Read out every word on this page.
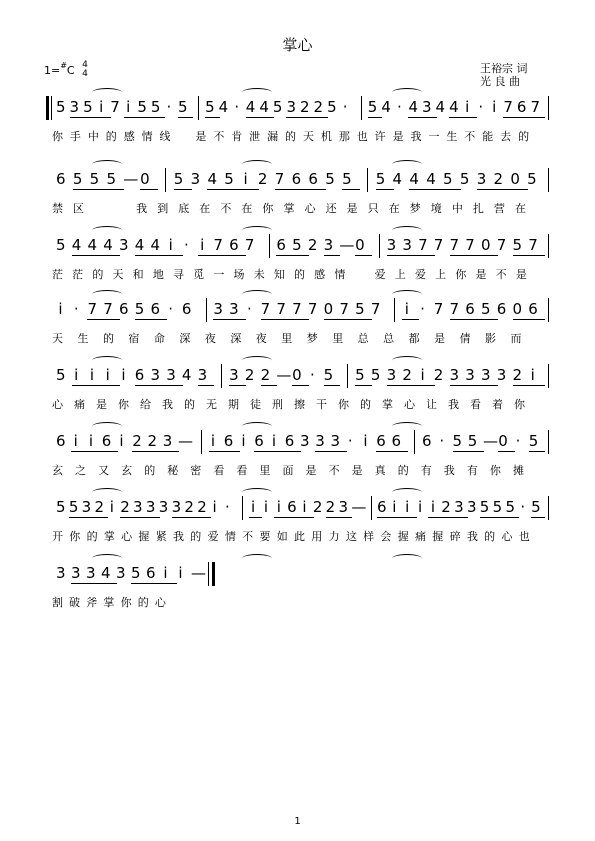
掌心
1=#C 4
4	王裕宗 词
光 良 曲
5 3 5 i 7 i 5 5 · 5 5 4 · 4 4 5 3 2 2 5 · 5 4 · 4 3 4 4 i · i 7 6 7
你 手 中 的 感 情 线 是 不 肯 泄 漏 的 天 机 那 也 许 是 我 一 生 不 能 去 的
6 5 5 5 — 0 5 3 4 5 i 2 7 6 6 5 5 5 4 4 4 5 5 3 2 0 5
禁 区	我 到 底 在 不 在 你 掌 心 还 是 只 在 梦 境 中 扎 营 在
5 4 4 4 3 4 4 i · i 7 6 7 6 5 2 3 — 0 3 3 7 7 7 7 0 7 5 7
茫 茫 的 天 和 地 寻 觅 一 场 未 知 的 感 情	爱 上 爱 上 你 是 不 是
i · 7 7 6 5 6 · 6 3 3 · 7 7 7 7 0 7 5 7 i · 7 7 6 5 6 0 6
天 生 的 宿 命 深 夜 深 夜 里 梦 里 总 总 都 是 倩 影 而
5 i i i i 6 3 3 4 3 3 2 2 — 0 · 5 5 5 3 2 i 2 3 3 3 3 2 i
心 痛 是 你 给 我 的 无 期 徒 刑 擦 干 你 的 掌 心 让 我 看 着 你
6 i i 6 i 2 2 3 — i 6 i 6 i 6 3 3 3 · i 6 6 6 · 5 5 — 0 · 5
玄 之 又 玄 的 秘 密 看 看 里 面 是 不 是 真 的 有 我 有 你 摊
5 5 3 2 i 2 3 3 3 3 2 2 i · i i i 6 i 2 2 3 — 6 i i i i 2 3 3 5 5 5 · 5
开 你 的 掌 心 握 紧 我 的 爱 情 不 要 如 此 用 力 这 样 会 握 痛 握 碎 我 的 心 也
3 3 3 4 3 5 6 i i —
割 破 斧 掌 你 的 心
1
